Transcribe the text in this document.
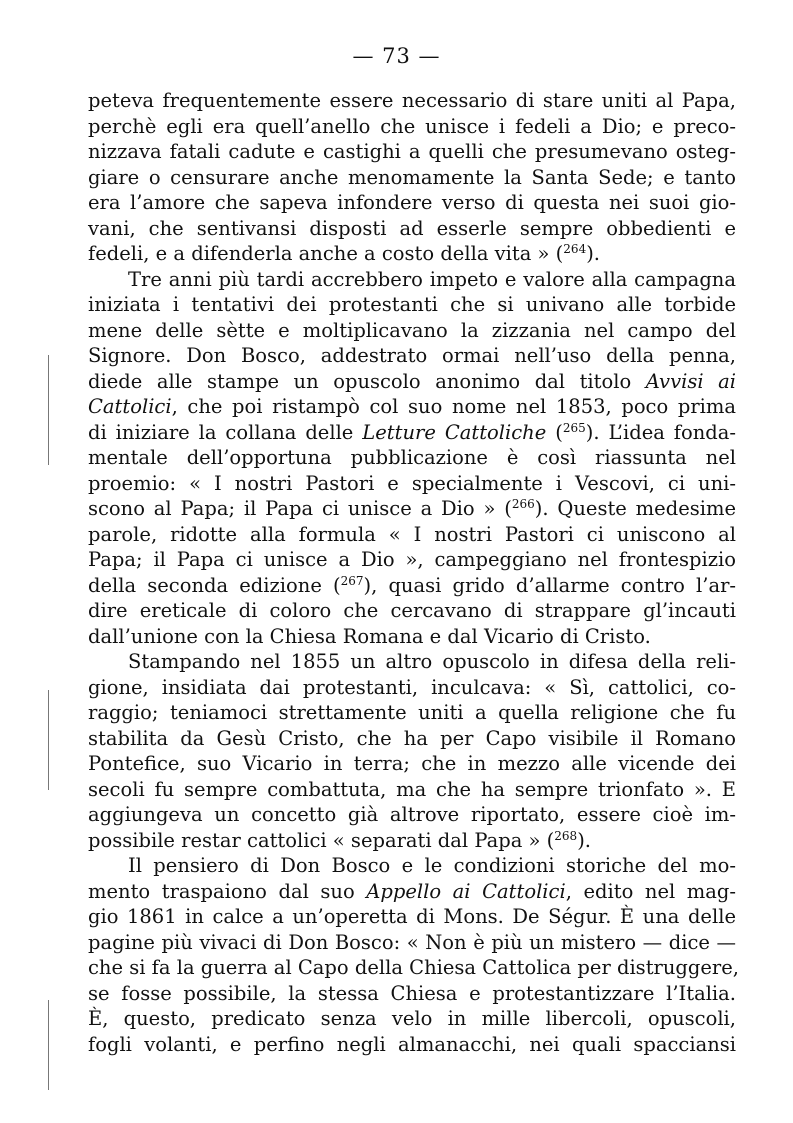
— 73 —
peteva frequentemente essere necessario di stare uniti al Papa,
perchè egli era quell’anello che unisce i fedeli a Dio; e preco-
nizzava fatali cadute e castighi a quelli che presumevano osteg-
giare o censurare anche menomamente la Santa Sede; e tanto
era l’amore che sapeva infondere verso di questa nei suoi gio-
vani, che sentivansi disposti ad esserle sempre obbedienti e
fedeli, e a difenderla anche a costo della vita » ($^{264}$).
Tre anni più tardi accrebbero impeto e valore alla campagna
iniziata i tentativi dei protestanti che si univano alle torbide
mene delle sètte e moltiplicavano la zizzania nel campo del
Signore. Don Bosco, addestrato ormai nell’uso della penna,
diede alle stampe un opuscolo anonimo dal titolo Avvisi ai
Cattolici, che poi ristampò col suo nome nel 1853, poco prima
di iniziare la collana delle Letture Cattoliche ($^{265}$). L’idea fonda-
mentale dell’opportuna pubblicazione è così riassunta nel
proemio: « I nostri Pastori e specialmente i Vescovi, ci uni-
scono al Papa; il Papa ci unisce a Dio » ($^{266}$). Queste medesime
parole, ridotte alla formula « I nostri Pastori ci uniscono al
Papa; il Papa ci unisce a Dio », campeggiano nel frontespizio
della seconda edizione ($^{267}$), quasi grido d’allarme contro l’ar-
dire ereticale di coloro che cercavano di strappare gl’incauti
dall’unione con la Chiesa Romana e dal Vicario di Cristo.
Stampando nel 1855 un altro opuscolo in difesa della reli-
gione, insidiata dai protestanti, inculcava: « Sì, cattolici, co-
raggio; teniamoci strettamente uniti a quella religione che fu
stabilita da Gesù Cristo, che ha per Capo visibile il Romano
Pontefice, suo Vicario in terra; che in mezzo alle vicende dei
secoli fu sempre combattuta, ma che ha sempre trionfato ». E
aggiungeva un concetto già altrove riportato, essere cioè im-
possibile restar cattolici « separati dal Papa » ($^{268}$).
Il pensiero di Don Bosco e le condizioni storiche del mo-
mento traspaiono dal suo Appello ai Cattolici, edito nel mag-
gio 1861 in calce a un’operetta di Mons. De Ségur. È una delle
pagine più vivaci di Don Bosco: « Non è più un mistero — dice —
che si fa la guerra al Capo della Chiesa Cattolica per distruggere,
se fosse possibile, la stessa Chiesa e protestantizzare l’Italia.
È, questo, predicato senza velo in mille libercoli, opuscoli,
fogli volanti, e perfino negli almanacchi, nei quali spacciansi
